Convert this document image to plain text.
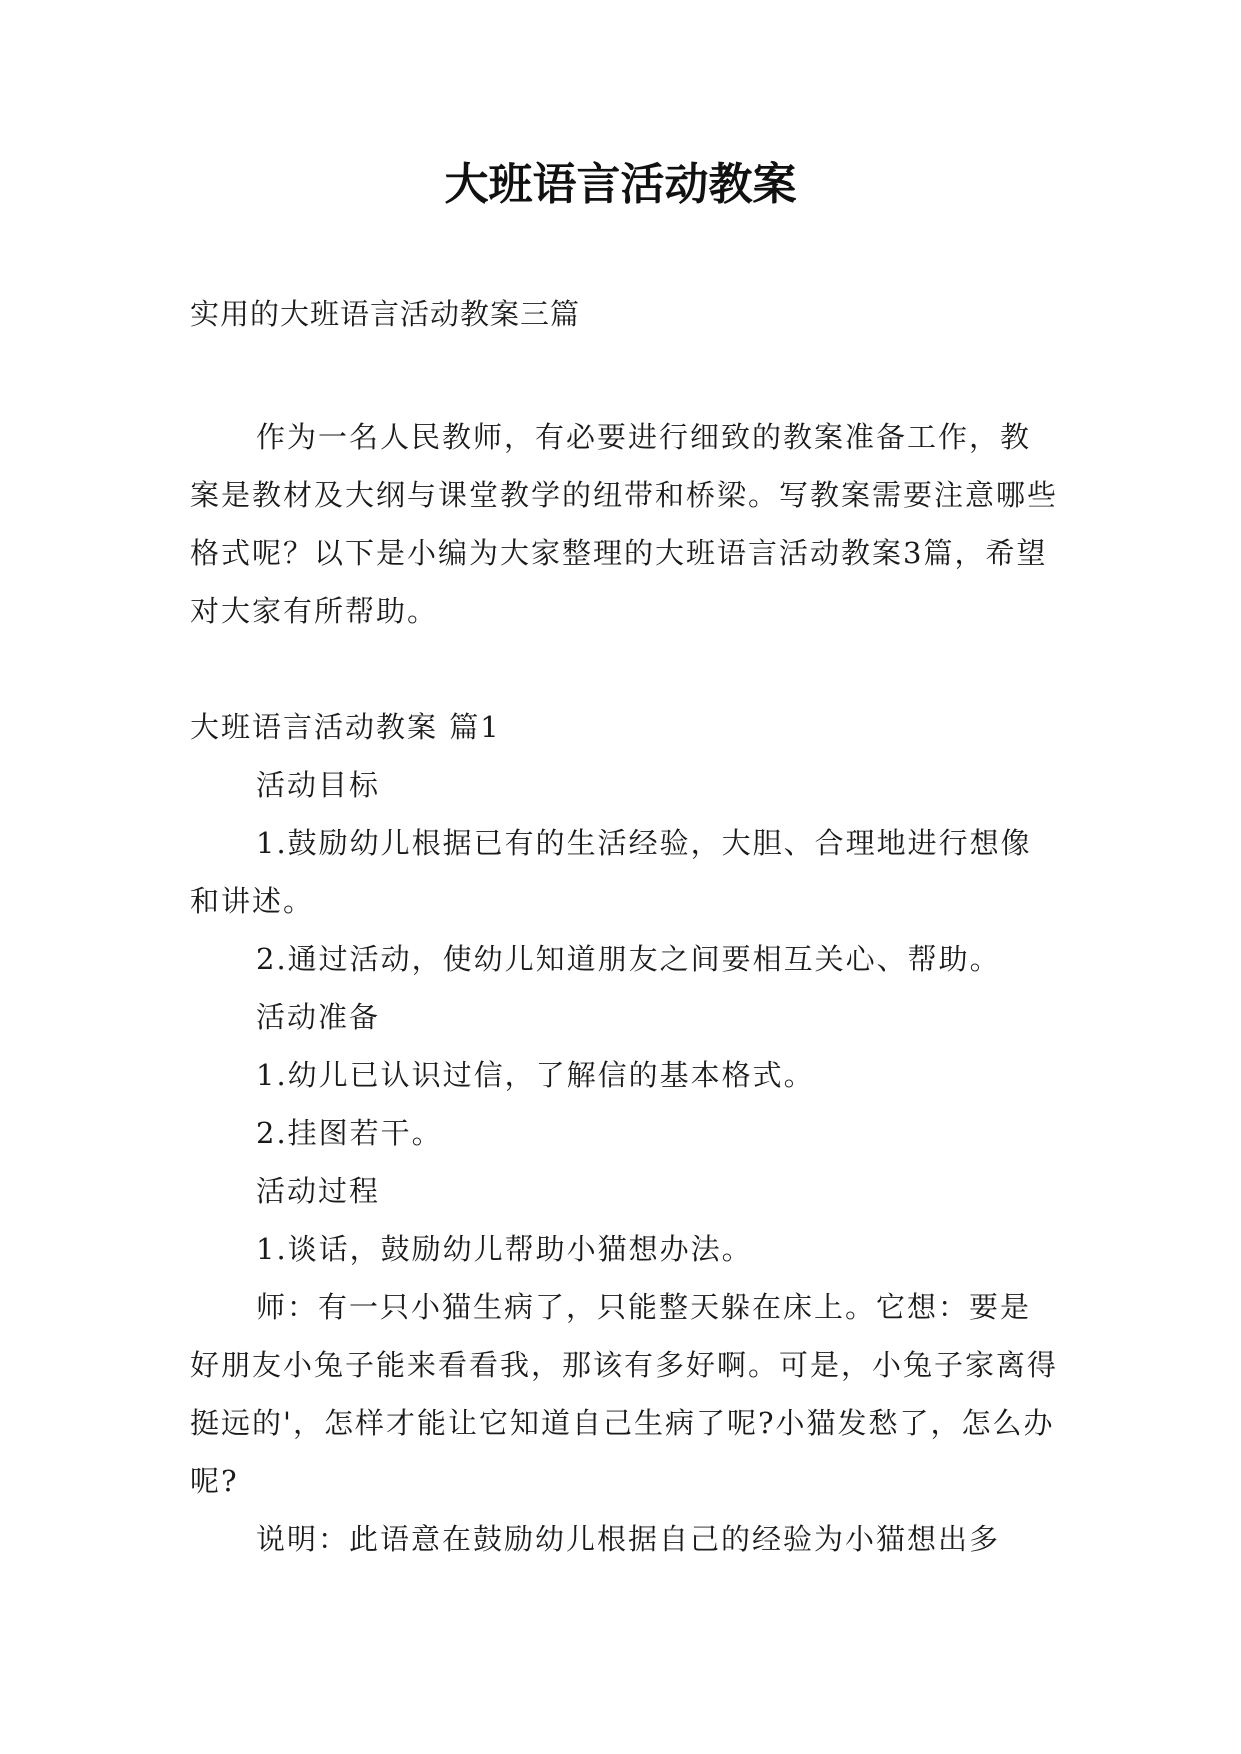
大班语言活动教案
实用的大班语言活动教案三篇

作为一名人民教师，有必要进行细致的教案准备工作，教案是教材及大纲与课堂教学的纽带和桥梁。写教案需要注意哪些格式呢？以下是小编为大家整理的大班语言活动教案3篇，希望对大家有所帮助。

大班语言活动教案 篇1

活动目标

1.鼓励幼儿根据已有的生活经验，大胆、合理地进行想像和讲述。

2.通过活动，使幼儿知道朋友之间要相互关心、帮助。

活动准备

1.幼儿已认识过信，了解信的基本格式。

2.挂图若干。

活动过程

1.谈话，鼓励幼儿帮助小猫想办法。

师：有一只小猫生病了，只能整天躲在床上。它想：要是好朋友小兔子能来看看我，那该有多好啊。可是，小兔子家离得挺远的'，怎样才能让它知道自己生病了呢?小猫发愁了，怎么办呢?

说明：此语意在鼓励幼儿根据自己的经验为小猫想出多
